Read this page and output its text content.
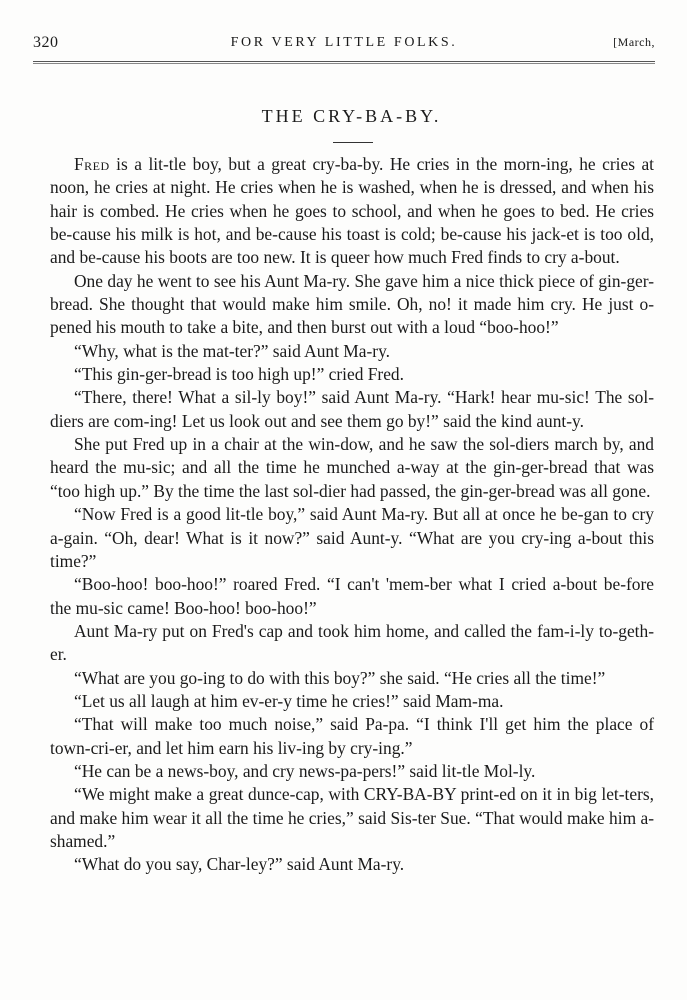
320	FOR VERY LITTLE FOLKS.	[March,
THE CRY-BA-BY.

Fred is a lit-tle boy, but a great cry-ba-by. He cries in the morn-ing, he cries at noon, he cries at night. He cries when he is washed, when he is dressed, and when his hair is combed. He cries when he goes to school, and when he goes to bed. He cries be-cause his milk is hot, and be-cause his toast is cold; be-cause his jack-et is too old, and be-cause his boots are too new. It is queer how much Fred finds to cry a-bout.

One day he went to see his Aunt Ma-ry. She gave him a nice thick piece of gin-ger-bread. She thought that would make him smile. Oh, no! it made him cry. He just o-pened his mouth to take a bite, and then burst out with a loud “boo-hoo!”

“Why, what is the mat-ter?” said Aunt Ma-ry.

“This gin-ger-bread is too high up!” cried Fred.

“There, there! What a sil-ly boy!” said Aunt Ma-ry. “Hark! hear mu-sic! The sol-diers are com-ing! Let us look out and see them go by!” said the kind aunt-y.

She put Fred up in a chair at the win-dow, and he saw the sol-diers march by, and heard the mu-sic; and all the time he munched a-way at the gin-ger-bread that was “too high up.” By the time the last sol-dier had passed, the gin-ger-bread was all gone.

“Now Fred is a good lit-tle boy,” said Aunt Ma-ry. But all at once he be-gan to cry a-gain. “Oh, dear! What is it now?” said Aunt-y. “What are you cry-ing a-bout this time?”

“Boo-hoo! boo-hoo!” roared Fred. “I can't 'mem-ber what I cried a-bout be-fore the mu-sic came! Boo-hoo! boo-hoo!”

Aunt Ma-ry put on Fred's cap and took him home, and called the fam-i-ly to-geth-er.

“What are you go-ing to do with this boy?” she said. “He cries all the time!”

“Let us all laugh at him ev-er-y time he cries!” said Mam-ma.

“That will make too much noise,” said Pa-pa. “I think I'll get him the place of town-cri-er, and let him earn his liv-ing by cry-ing.”

“He can be a news-boy, and cry news-pa-pers!” said lit-tle Mol-ly.

“We might make a great dunce-cap, with CRY-BA-BY print-ed on it in big let-ters, and make him wear it all the time he cries,” said Sis-ter Sue. “That would make him a-shamed.”

“What do you say, Char-ley?” said Aunt Ma-ry.
